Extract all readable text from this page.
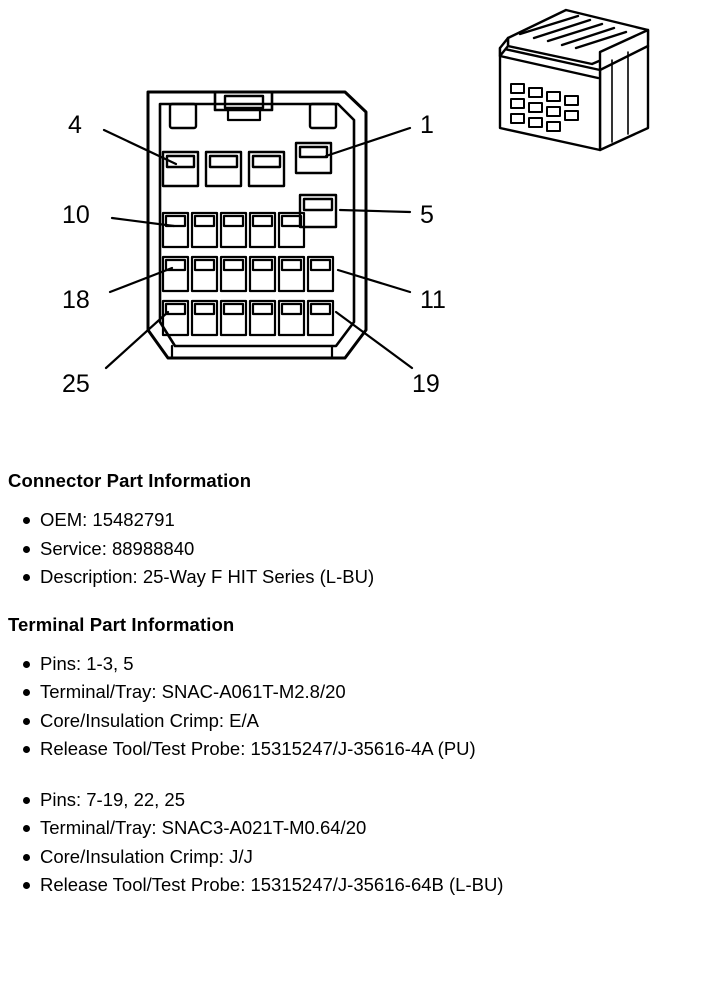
4	1
10	5
18	11
25	19
Connector Part Information
OEM: 15482791
Service: 88988840
Description: 25-Way F HIT Series (L-BU)
Terminal Part Information
Pins: 1-3, 5
Terminal/Tray: SNAC-A061T-M2.8/20
Core/Insulation Crimp: E/A
Release Tool/Test Probe: 15315247/J-35616-4A (PU)
Pins: 7-19, 22, 25
Terminal/Tray: SNAC3-A021T-M0.64/20
Core/Insulation Crimp: J/J
Release Tool/Test Probe: 15315247/J-35616-64B (L-BU)
